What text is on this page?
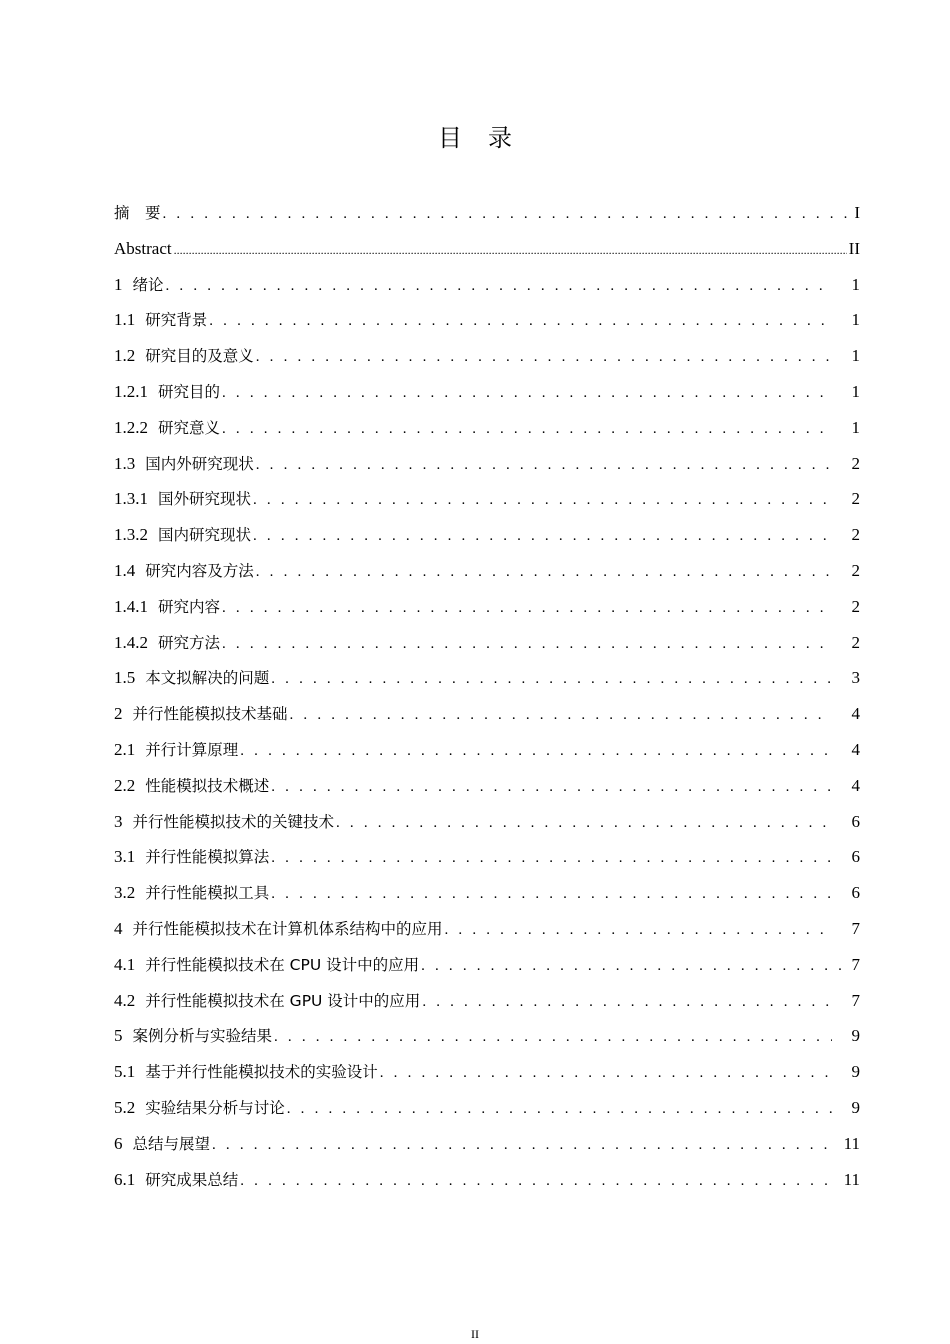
目录
摘　要 . . .	I
Abstract .....	II
1 绪论 . . .	1
1.1 研究背景 . . .	1
1.2 研究目的及意义 . . .	1
1.2.1 研究目的 . . .	1
1.2.2 研究意义 . . .	1
1.3 国内外研究现状 . . .	2
1.3.1 国外研究现状 . . .	2
1.3.2 国内研究现状 . . .	2
1.4 研究内容及方法 . . .	2
1.4.1 研究内容 . . .	2
1.4.2 研究方法 . . .	2
1.5 本文拟解决的问题 . . .	3
2 并行性能模拟技术基础 . . .	4
2.1 并行计算原理 . . .	4
2.2 性能模拟技术概述 . . .	4
3 并行性能模拟技术的关键技术 . . .	6
3.1 并行性能模拟算法 . . .	6
3.2 并行性能模拟工具 . . .	6
4 并行性能模拟技术在计算机体系结构中的应用 . . .	7
4.1 并行性能模拟技术在 CPU 设计中的应用 . . .	7
4.2 并行性能模拟技术在 GPU 设计中的应用 . . .	7
5 案例分析与实验结果 . . .	9
5.1 基于并行性能模拟技术的实验设计 . . .	9
5.2 实验结果分析与讨论 . . .	9
6 总结与展望 . . .	11
6.1 研究成果总结 . . .	11
II
